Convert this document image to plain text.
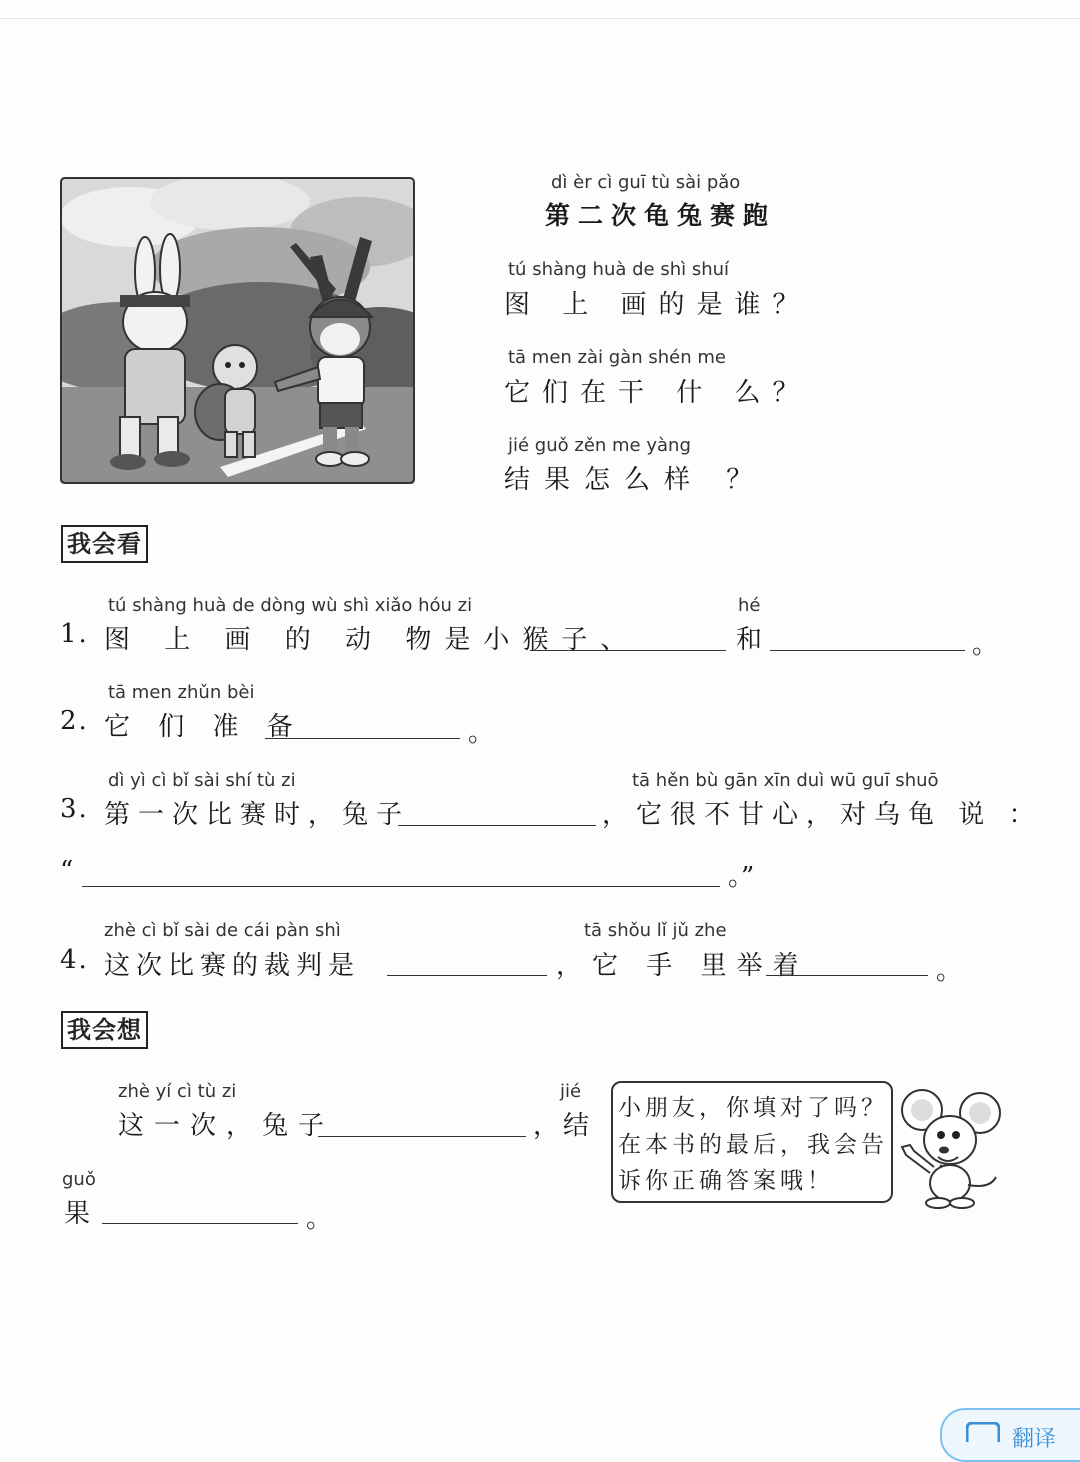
dì èr cì guī tù sài pǎo
第二次龟兔赛跑
tú shàng huà de shì shuí
图 上 画的是谁？
tā men zài gàn shén me
它们在干 什 么？
jié guǒ zěn me yàng
结果怎么样 ？
我会看
tú shàng huà de dòng wù shì xiǎo hóu zi
1. 图 上 画 的 动 物是小猴子、
hé
和	。
tā men zhǔn bèi
2. 它 们 准 备	。
dì yì cì bǐ sài shí tù zi
3. 第一次比赛时，兔子
tā hěn bù gān xīn duì wū guī shuō
，它很不甘心，对乌龟 说 ：
“	。”
zhè cì bǐ sài de cái pàn shì
4. 这次比赛的裁判是
tā shǒu lǐ jǔ zhe
，它 手 里举着	。
我会想
zhè yí cì tù zi
这一次，兔子
jié
，结
guǒ
果	。
小朋友，你填对了吗？
在本书的最后，我会告
诉你正确答案哦！
翻译
